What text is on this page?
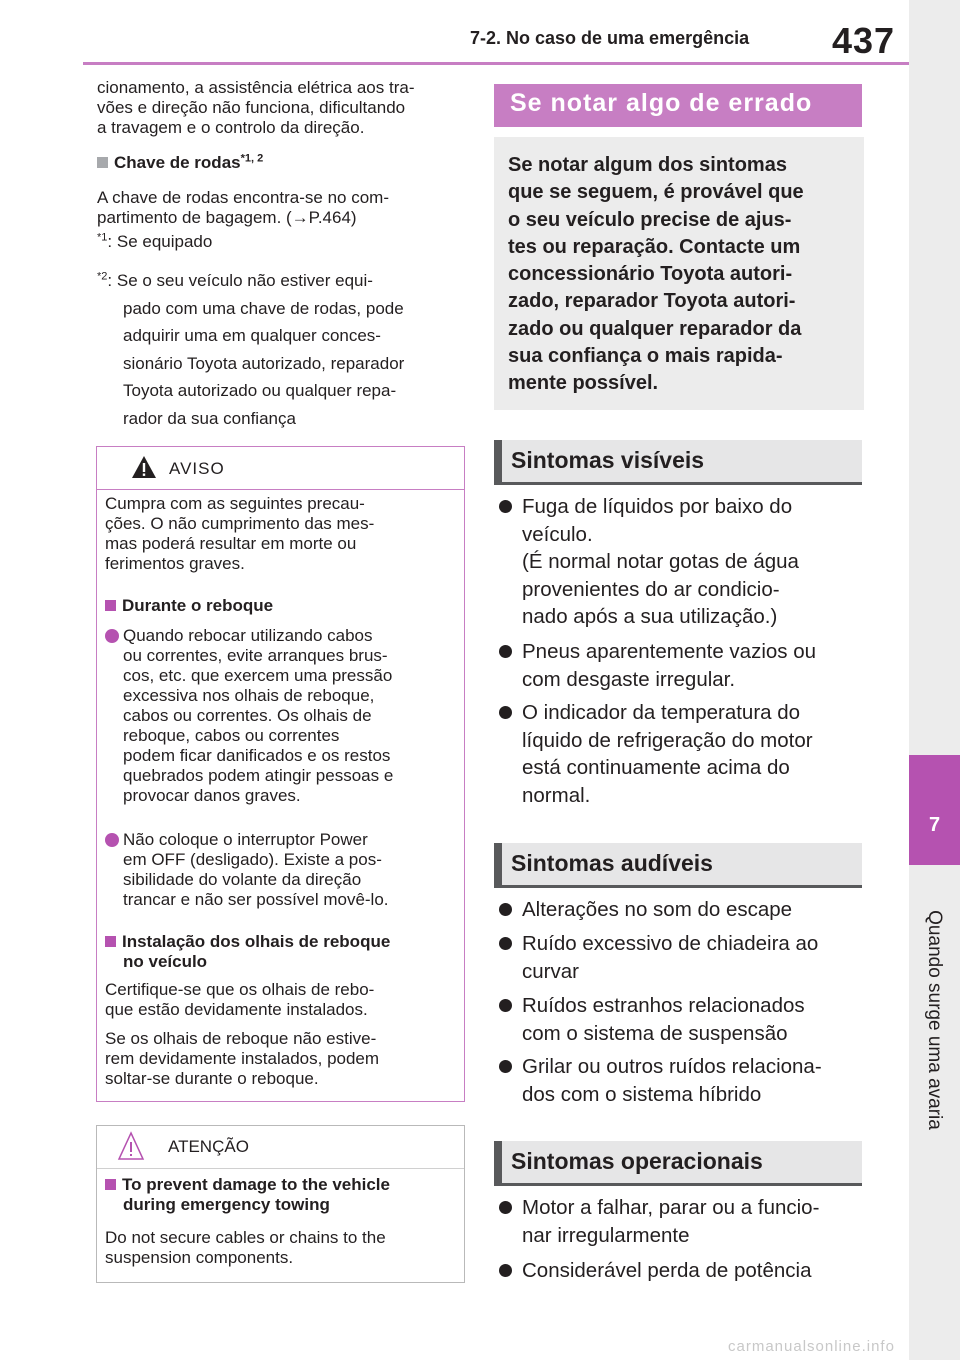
7-2. No caso de uma emergência 437
7
Quando surge uma avaria
cionamento, a assistência elétrica aos tra-
vões e direção não funciona, dificultando
a travagem e o controlo da direção.
Chave de rodas$^{*1, 2}$
A chave de rodas encontra-se no com-
partimento de bagagem. (→P.464)
$^{*1}$: Se equipado
$^{*2}$: Se o seu veículo não estiver equi-
pado com uma chave de rodas, pode
adquirir uma em qualquer conces-
sionário Toyota autorizado, reparador
Toyota autorizado ou qualquer repa-
rador da sua confiança
AVISO
Cumpra com as seguintes precau-
ções. O não cumprimento das mes-
mas poderá resultar em morte ou
ferimentos graves.
Durante o reboque
Quando rebocar utilizando cabos
ou correntes, evite arranques brus-
cos, etc. que exercem uma pressão
excessiva nos olhais de reboque,
cabos ou correntes. Os olhais de
reboque, cabos ou correntes
podem ficar danificados e os restos
quebrados podem atingir pessoas e
provocar danos graves.
Não coloque o interruptor Power
em OFF (desligado). Existe a pos-
sibilidade do volante da direção
trancar e não ser possível movê-lo.
Instalação dos olhais de reboque
no veículo
Certifique-se que os olhais de rebo-
que estão devidamente instalados.
Se os olhais de reboque não estive-
rem devidamente instalados, podem
soltar-se durante o reboque.
ATENÇÃO
To prevent damage to the vehicle
during emergency towing
Do not secure cables or chains to the
suspension components.
Se notar algo de errado
Se notar algum dos sintomas
que se seguem, é provável que
o seu veículo precise de ajus-
tes ou reparação. Contacte um
concessionário Toyota autori-
zado, reparador Toyota autori-
zado ou qualquer reparador da
sua confiança o mais rapida-
mente possível.
Sintomas visíveis
Fuga de líquidos por baixo do
veículo.
(É normal notar gotas de água
provenientes do ar condicio-
nado após a sua utilização.)
Pneus aparentemente vazios ou
com desgaste irregular.
O indicador da temperatura do
líquido de refrigeração do motor
está continuamente acima do
normal.
Sintomas audíveis
Alterações no som do escape
Ruído excessivo de chiadeira ao
curvar
Ruídos estranhos relacionados
com o sistema de suspensão
Grilar ou outros ruídos relaciona-
dos com o sistema híbrido
Sintomas operacionais
Motor a falhar, parar ou a funcio-
nar irregularmente
Considerável perda de potência
carmanualsonline.info
